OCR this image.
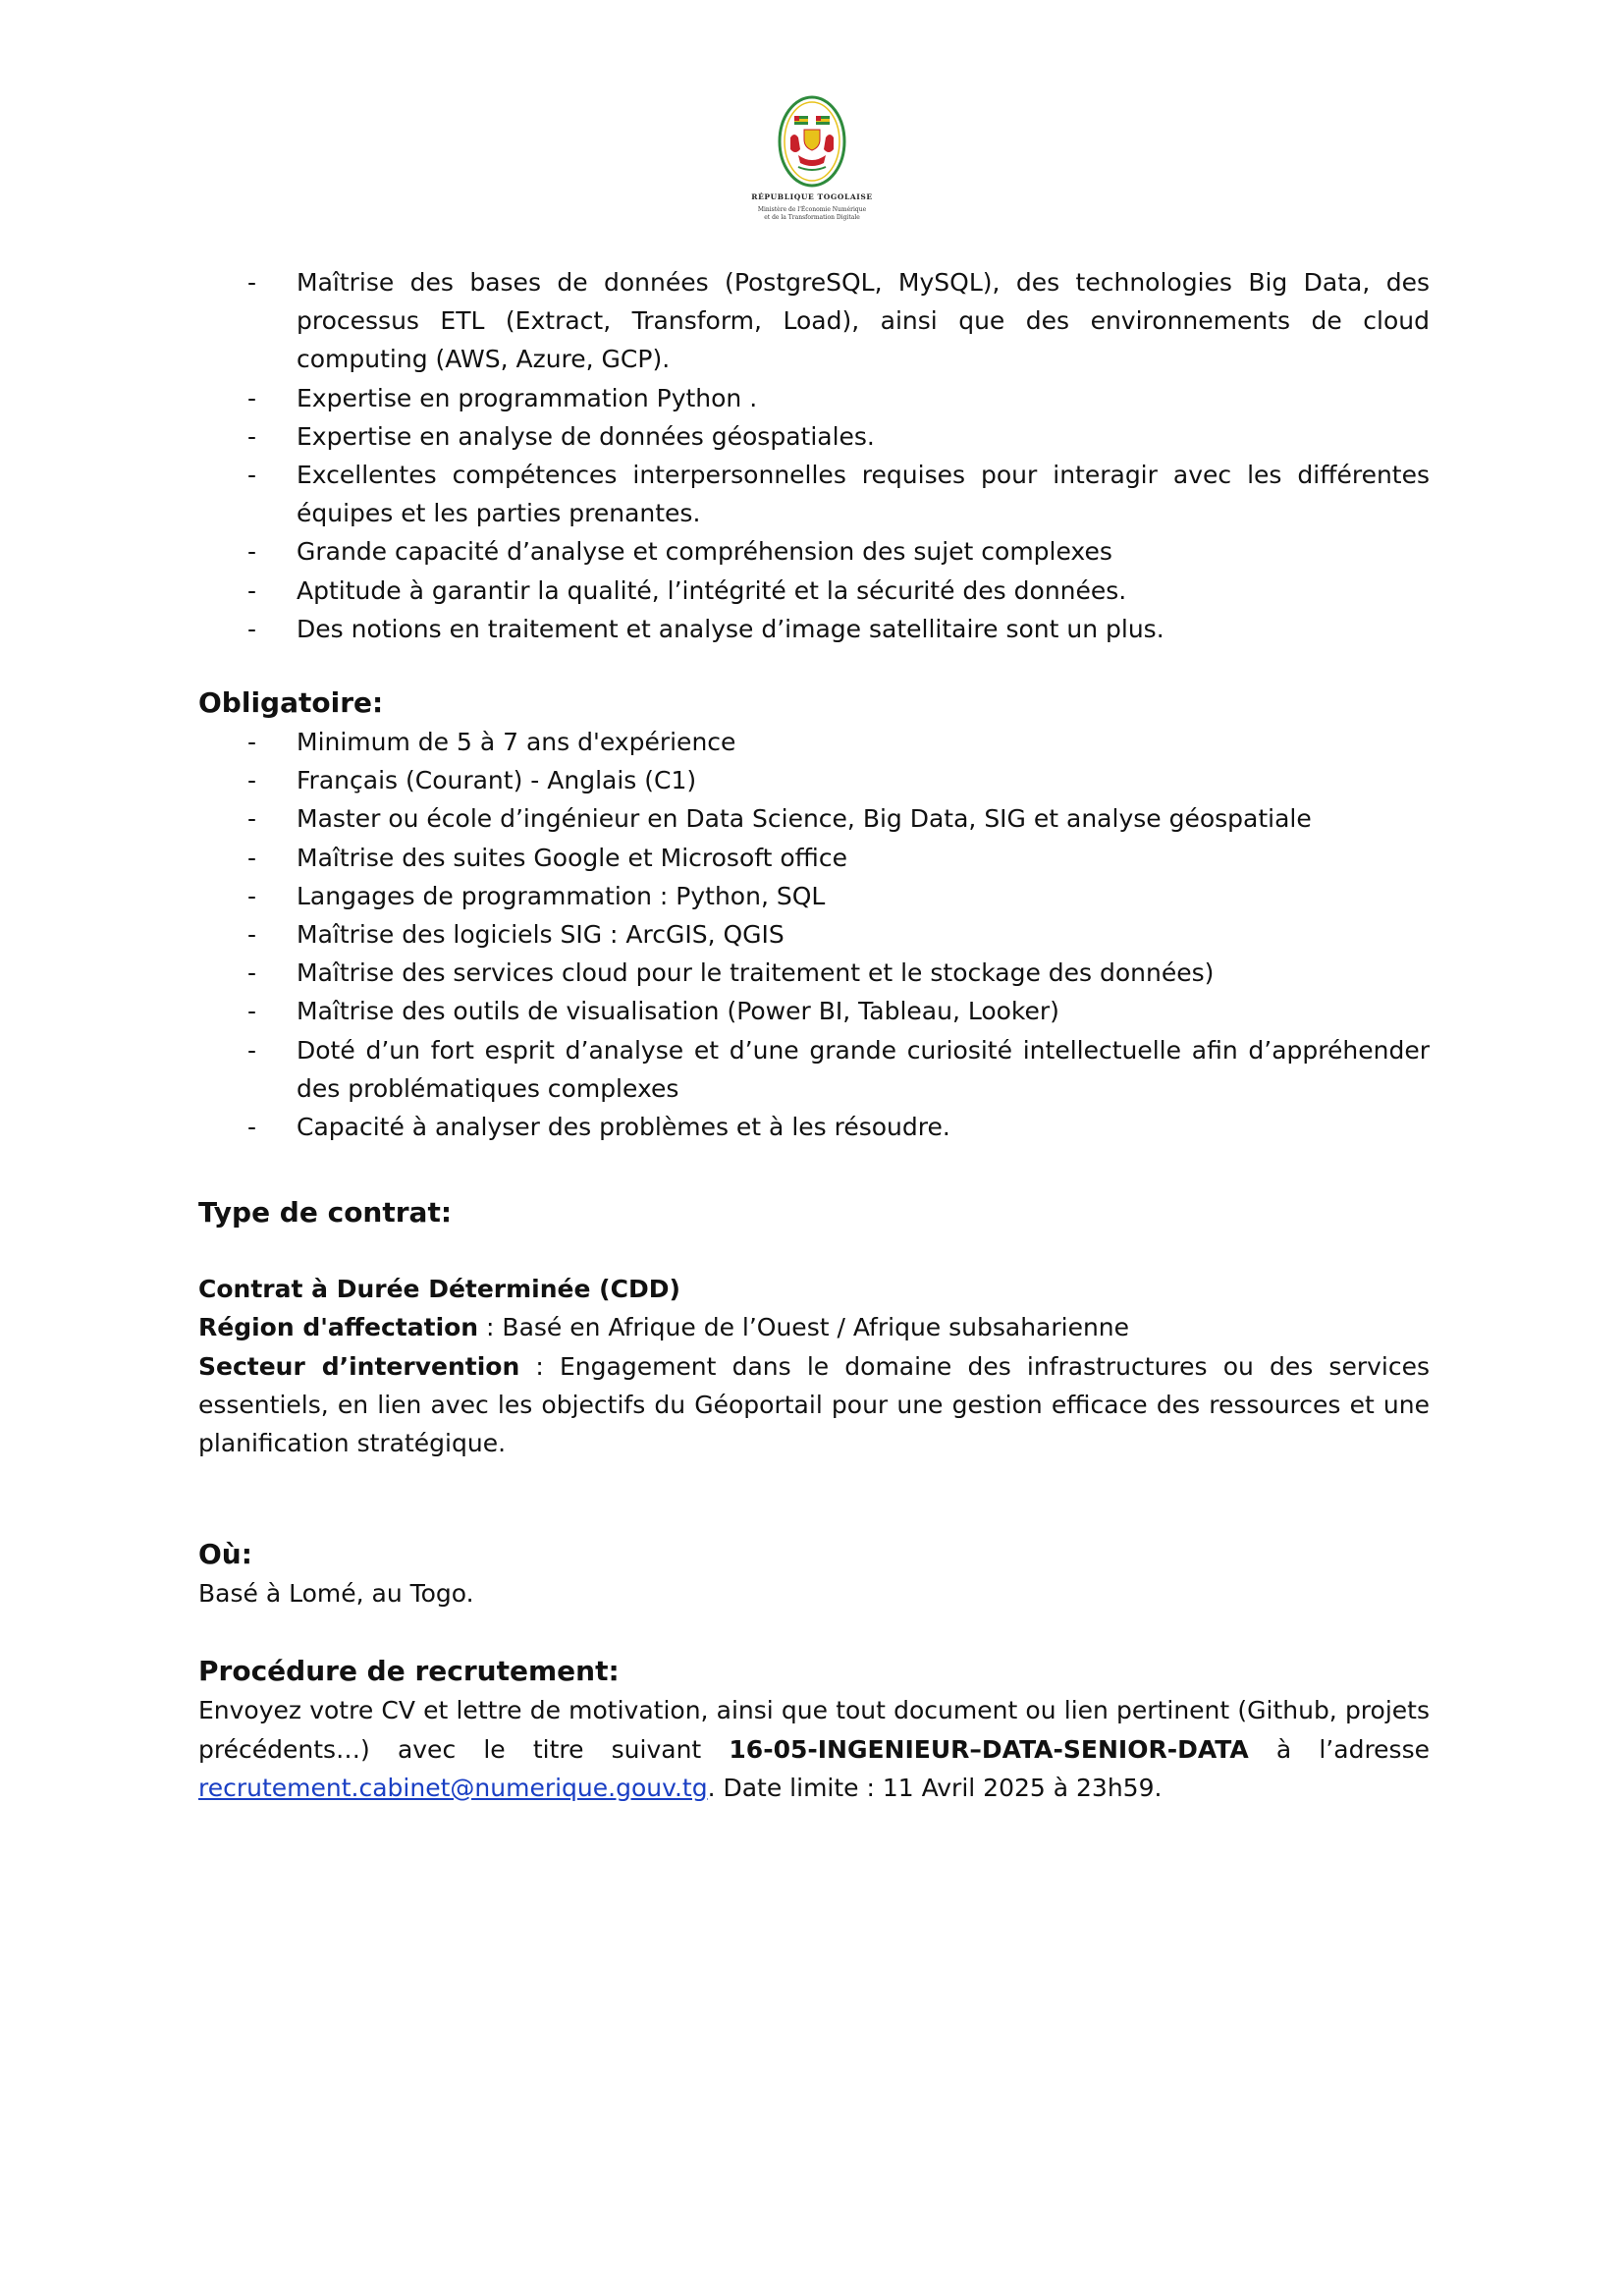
RÉPUBLIQUE TOGOLAISE
Ministère de l'Économie Numérique
et de la Transformation Digitale
- Maîtrise des bases de données (PostgreSQL, MySQL), des technologies Big Data, des processus ETL (Extract, Transform, Load), ainsi que des environnements de cloud computing (AWS, Azure, GCP).
- Expertise en programmation Python .
- Expertise en analyse de données géospatiales.
- Excellentes compétences interpersonnelles requises pour interagir avec les différentes équipes et les parties prenantes.
- Grande capacité d’analyse et compréhension des sujet complexes
- Aptitude à garantir la qualité, l’intégrité et la sécurité des données.
- Des notions en traitement et analyse d’image satellitaire sont un plus.
Obligatoire:
- Minimum de 5 à 7 ans d'expérience
- Français (Courant) - Anglais (C1)
- Master ou école d’ingénieur en Data Science, Big Data, SIG et analyse géospatiale
- Maîtrise des suites Google et Microsoft office
- Langages de programmation : Python, SQL
- Maîtrise des logiciels SIG : ArcGIS, QGIS
- Maîtrise des services cloud pour le traitement et le stockage des données)
- Maîtrise des outils de visualisation (Power BI, Tableau, Looker)
- Doté d’un fort esprit d’analyse et d’une grande curiosité intellectuelle afin d’appréhender des problématiques complexes
- Capacité à analyser des problèmes et à les résoudre.
Type de contrat:

Contrat à Durée Déterminée (CDD)

Région d'affectation : Basé en Afrique de l’Ouest / Afrique subsaharienne

Secteur d’intervention : Engagement dans le domaine des infrastructures ou des services essentiels, en lien avec les objectifs du Géoportail pour une gestion efficace des ressources et une planification stratégique.

Où:

Basé à Lomé, au Togo.

Procédure de recrutement:

Envoyez votre CV et lettre de motivation, ainsi que tout document ou lien pertinent (Github, projets précédents…) avec le titre suivant 16-05-INGENIEUR–DATA-SENIOR-DATA à l’adresse recrutement.cabinet@numerique.gouv.tg. Date limite : 11 Avril 2025 à 23h59.
